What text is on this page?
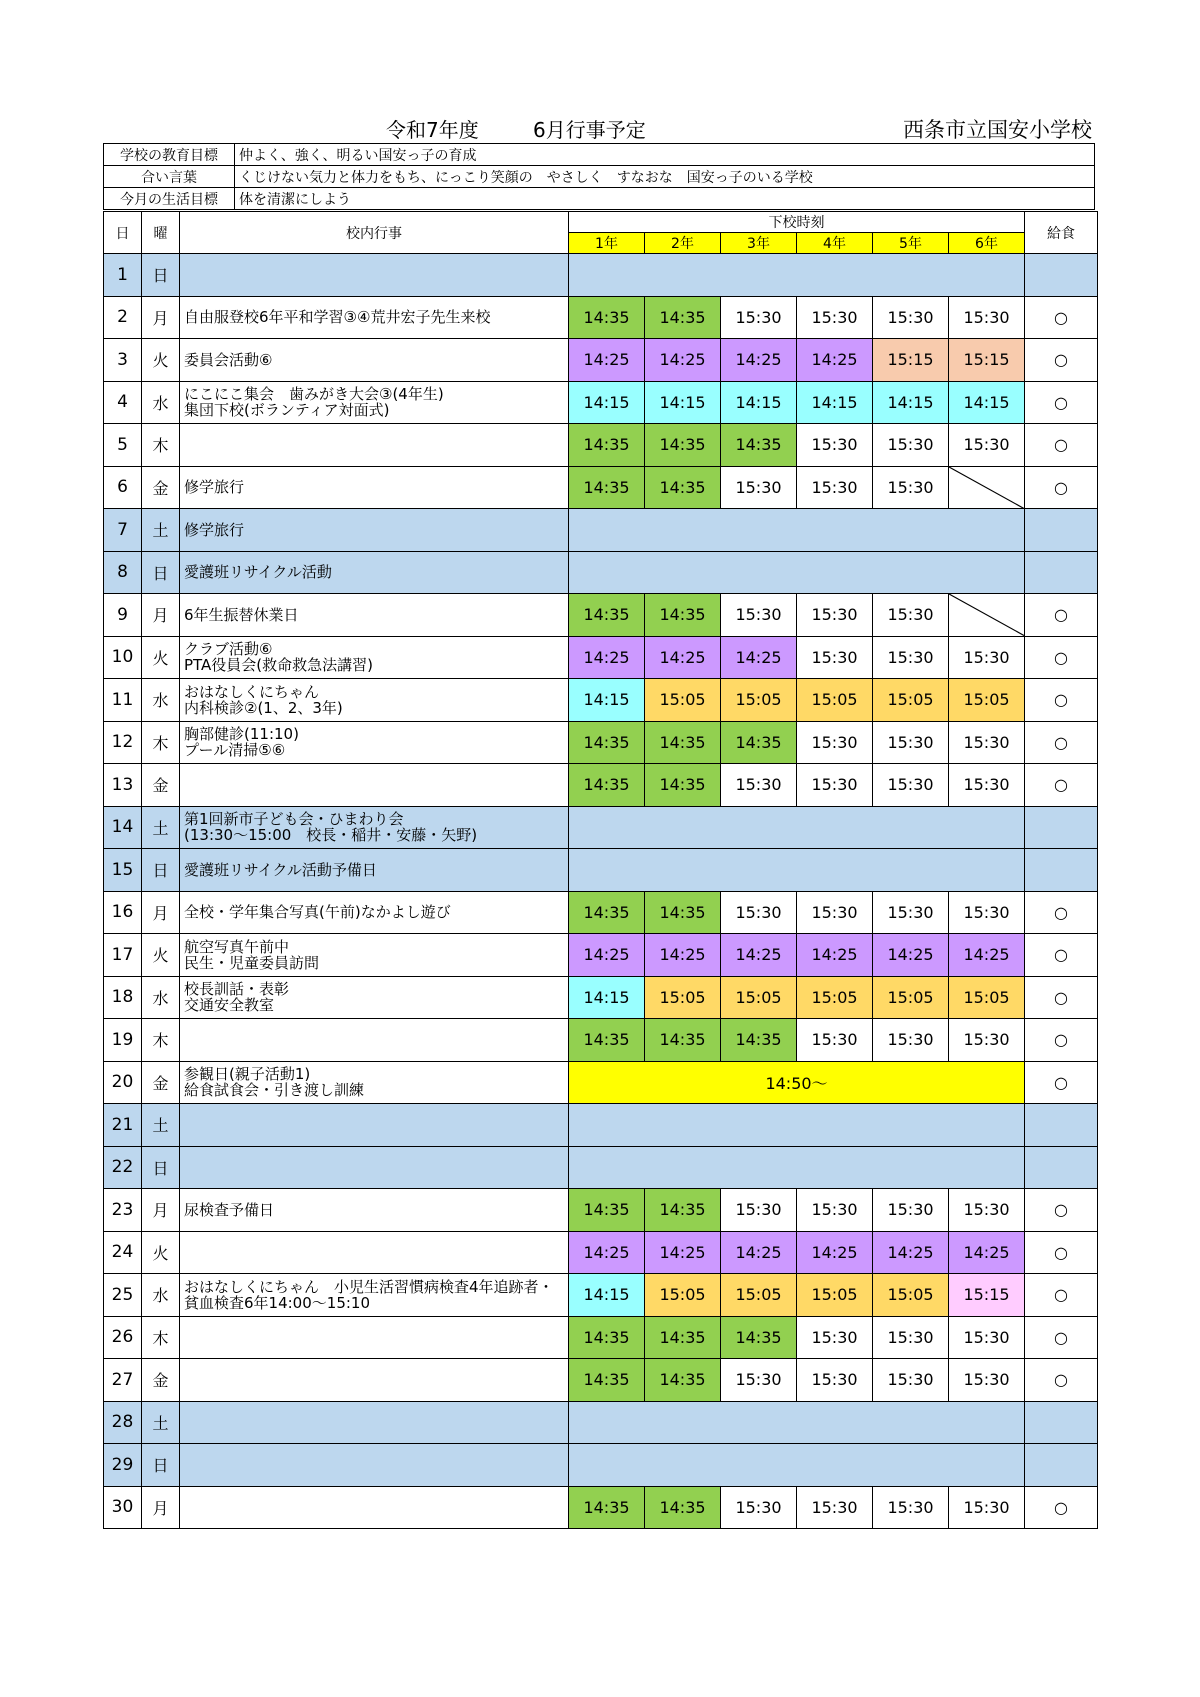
令和7年度	6月行事予定	西条市立国安小学校
学校の教育目標	仲よく、強く、明るい国安っ子の育成
合い言葉	くじけない気力と体力をもち、にっこり笑顔の　やさしく　すなおな　国安っ子のいる学校
今月の生活目標	体を清潔にしよう
日	曜	校内行事	下校時刻						給食
			1年	2年	3年	4年	5年	6年	
1	日						

2	月	自由服登校6年平和学習③④荒井宏子先生来校	14:35	14:35	15:30	15:30	15:30	15:30	○
3	火	委員会活動⑥	14:25	14:25	14:25	14:25	15:15	15:15	○
4	水	にこにこ集会　歯みがき大会③(4年生)
集団下校(ボランティア対面式)	14:15	14:15	14:15	14:15	14:15	14:15	○
5	木		14:35	14:35	14:35	15:30	15:30	15:30	○
6	金	修学旅行	14:35	14:35	15:30	15:30	15:30		○
7	土	修学旅行							

8	日	愛護班リサイクル活動							

9	月	6年生振替休業日	14:35	14:35	15:30	15:30	15:30		○
10	火	クラブ活動⑥
PTA役員会(救命救急法講習)	14:25	14:25	14:25	15:30	15:30	15:30	○
11	水	おはなしくにちゃん
内科検診②(1、2、3年)	14:15	15:05	15:05	15:05	15:05	15:05	○
12	木	胸部健診(11:10)
プール清掃⑤⑥	14:35	14:35	14:35	15:30	15:30	15:30	○
13	金		14:35	14:35	15:30	15:30	15:30	15:30	○
14	土	第1回新市子ども会・ひまわり会
(13:30～15:00　校長・稲井・安藤・矢野)							

15	日	愛護班リサイクル活動予備日							

16	月	全校・学年集合写真(午前)なかよし遊び	14:35	14:35	15:30	15:30	15:30	15:30	○
17	火	航空写真午前中
民生・児童委員訪問	14:25	14:25	14:25	14:25	14:25	14:25	○
18	水	校長訓話・表彰
交通安全教室	14:15	15:05	15:05	15:05	15:05	15:05	○
19	木		14:35	14:35	14:35	15:30	15:30	15:30	○
20	金	参観日(親子活動1)
給食試食会・引き渡し訓練	14:50～						○
21	土						

22	日						

23	月	尿検査予備日	14:35	14:35	15:30	15:30	15:30	15:30	○
24	火		14:25	14:25	14:25	14:25	14:25	14:25	○
25	水	おはなしくにちゃん　小児生活習慣病検査4年追跡者・
貧血検査6年14:00～15:10	14:15	15:05	15:05	15:05	15:05	15:15	○
26	木		14:35	14:35	14:35	15:30	15:30	15:30	○
27	金		14:35	14:35	15:30	15:30	15:30	15:30	○
28	土						

29	日						

30	月		14:35	14:35	15:30	15:30	15:30	15:30	○
